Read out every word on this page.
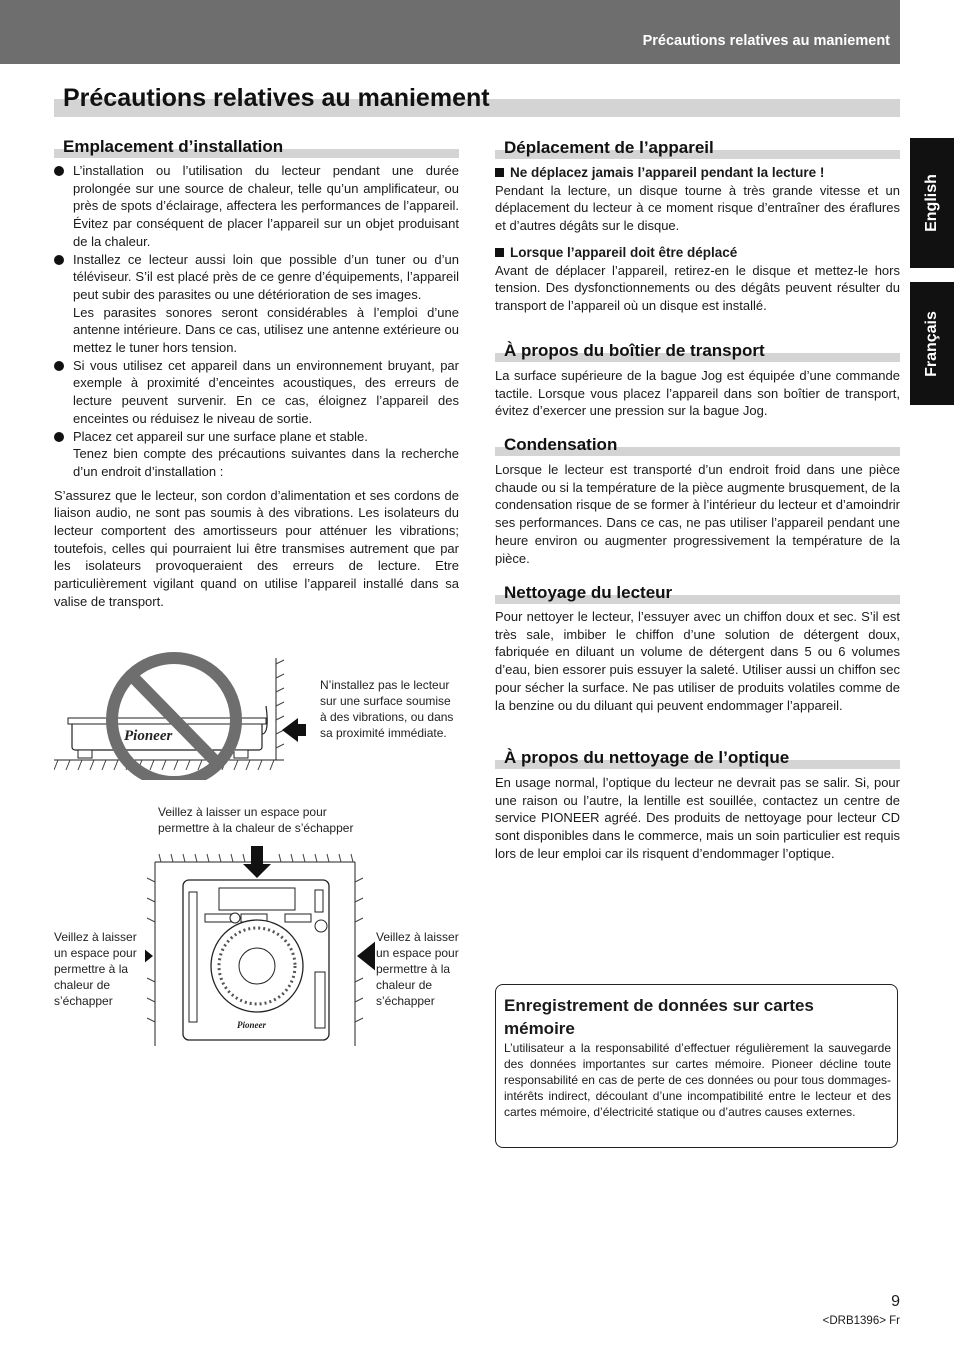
Précautions relatives au maniement
Précautions relatives au maniement
English
Français
Emplacement d’installation

L’installation ou l’utilisation du lecteur pendant une durée prolongée sur une source de chaleur, telle qu’un amplificateur, ou près de spots d’éclairage, affectera les performances de l’appareil. Évitez par conséquent de placer l’appareil sur un objet produisant de la chaleur.

Installez ce lecteur aussi loin que possible d’un tuner ou d’un téléviseur. S’il est placé près de ce genre d’équipements, l’appareil peut subir des parasites ou une détérioration de ses images.

Les parasites sonores seront considérables à l’emploi d’une antenne intérieure. Dans ce cas, utilisez une antenne extérieure ou mettez le tuner hors tension.

Si vous utilisez cet appareil dans un environnement bruyant, par exemple à proximité d’enceintes acoustiques, des erreurs de lecture peuvent survenir. En ce cas, éloignez l’appareil des enceintes ou réduisez le niveau de sortie.

Placez cet appareil sur une surface plane et stable.

Tenez bien compte des précautions suivantes dans la recherche d’un endroit d’installation :

S’assurez que le lecteur, son cordon d’alimentation et ses cordons de liaison audio, ne sont pas soumis à des vibrations. Les isolateurs du lecteur comportent des amortisseurs pour atténuer les vibrations; toutefois, celles qui pourraient lui être transmises autrement que par les isolateurs provoqueraient des erreurs de lecture. Etre particulièrement vigilant quand on utilise l’appareil installé dans sa valise de transport.

Pioneer
N’installez pas le lecteur sur une surface soumise à des vibrations, ou dans sa proximité immédiate.
Veillez à laisser un espace pour permettre à la chaleur de s’échapper
Veillez à laisser un espace pour permettre à la chaleur de s’échapper
Veillez à laisser un espace pour permettre à la chaleur de s’échapper
Pioneer
Déplacement de l’appareil

Ne déplacez jamais l’appareil pendant la lecture !

Pendant la lecture, un disque tourne à très grande vitesse et un déplacement du lecteur à ce moment risque d’entraîner des éraflures et d’autres dégâts sur le disque.

Lorsque l’appareil doit être déplacé

Avant de déplacer l’appareil, retirez-en le disque et mettez-le hors tension. Des dysfonctionnements ou des dégâts peuvent résulter du transport de l’appareil où un disque est installé.

À propos du boîtier de transport
La surface supérieure de la bague Jog est équipée d’une commande tactile. Lorsque vous placez l’appareil dans son boîtier de transport, évitez d’exercer une pression sur la bague Jog.
Condensation
Lorsque le lecteur est transporté d’un endroit froid dans une pièce chaude ou si la température de la pièce augmente brusquement, de la condensation risque de se former à l’intérieur du lecteur et d’amoindrir ses performances. Dans ce cas, ne pas utiliser l’appareil pendant une heure environ ou augmenter progressivement la température de la pièce.
Nettoyage du lecteur
Pour nettoyer le lecteur, l’essuyer avec un chiffon doux et sec. S’il est très sale, imbiber le chiffon d’une solution de détergent doux, fabriquée en diluant un volume de détergent dans 5 ou 6 volumes d’eau, bien essorer puis essuyer la saleté. Utiliser aussi un chiffon sec pour sécher la surface. Ne pas utiliser de produits volatiles comme de la benzine ou du diluant qui peuvent endommager l’appareil.
À propos du nettoyage de l’optique
En usage normal, l’optique du lecteur ne devrait pas se salir. Si, pour une raison ou l’autre, la lentille est souillée, contactez un centre de service PIONEER agréé. Des produits de nettoyage pour lecteur CD sont disponibles dans le commerce, mais un soin particulier est requis lors de leur emploi car ils risquent d’endommager l’optique.
Enregistrement de données sur cartes mémoire
L’utilisateur a la responsabilité d’effectuer régulièrement la sauvegarde des données importantes sur cartes mémoire. Pioneer décline toute responsabilité en cas de perte de ces données ou pour tous dommages-intérêts indirect, découlant d’une incompatibilité entre le lecteur et des cartes mémoire, d’électricité statique ou d’autres causes externes.
9
<DRB1396> Fr
